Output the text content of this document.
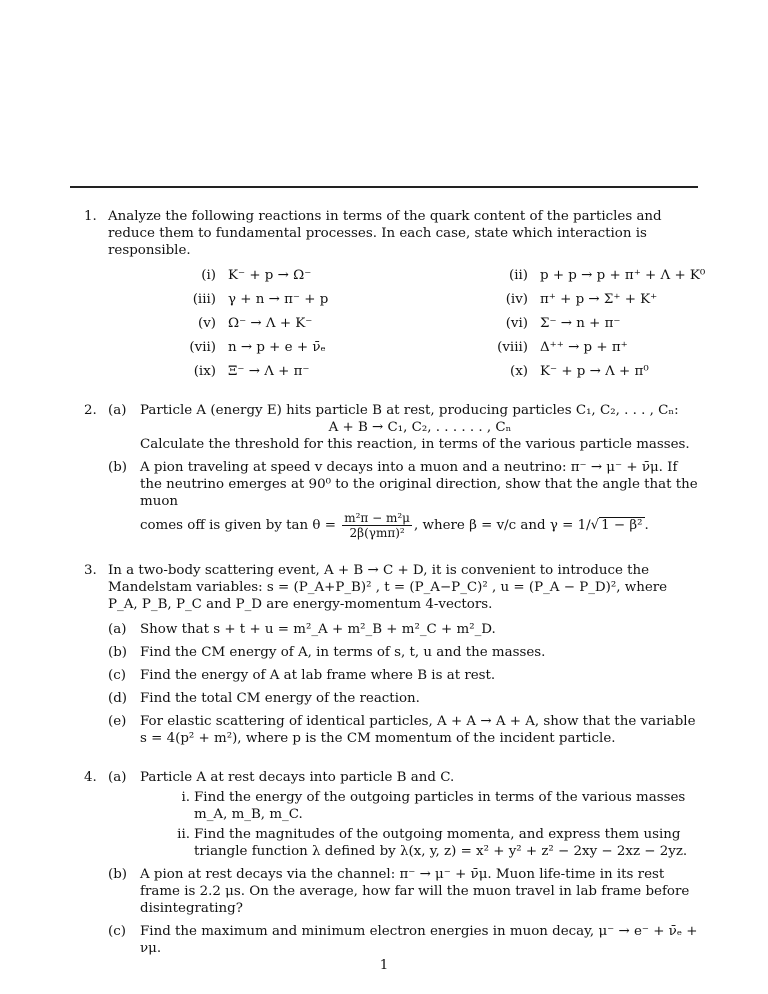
1. Analyze the following reactions in terms of the quark content of the particles and reduce them to fundamental processes. In each case, state which interaction is responsible.

(i) K⁻ + p → Ω⁻	(ii) p + p → p + π⁺ + Λ + K⁰
(iii) γ + n → π⁻ + p	(iv) π⁺ + p → Σ⁺ + K⁺
(v) Ω⁻ → Λ + K⁻	(vi) Σ⁻ → n + π⁻
(vii) n → p + e + ν̄ₑ	(viii) Δ⁺⁺ → p + π⁺
(ix) Ξ⁻ → Λ + π⁻	(x) K⁻ + p → Λ + π⁰
2. (a) Particle A (energy E) hits particle B at rest, producing particles C₁, C₂, . . . , Cₙ:

A + B → C₁, C₂, . . . . . . , Cₙ

Calculate the threshold for this reaction, in terms of the various particle masses.

(b) A pion traveling at speed v decays into a muon and a neutrino: π⁻ → μ⁻ + ν̄μ. If the neutrino emerges at 90⁰ to the original direction, show that the angle that the muon

comes off is given by $\tan \theta = \frac{\text{m²π − m²μ}}{\text{2β(γmπ)²}}$ , where β = v/c and γ = 1/√ 1 − β² .

3. In a two-body scattering event, A + B → C + D, it is convenient to introduce the Mandelstam variables: s = (P_A+P_B)² , t = (P_A−P_C)² , u = (P_A − P_D)², where P_A, P_B, P_C and P_D are energy-momentum 4-vectors.

(a) Show that s + t + u = m²_A + m²_B + m²_C + m²_D.

(b) Find the CM energy of A, in terms of s, t, u and the masses.

(c) Find the energy of A at lab frame where B is at rest.

(d) Find the total CM energy of the reaction.

(e) For elastic scattering of identical particles, A + A → A + A, show that the variable s = 4(p² + m²), where p is the CM momentum of the incident particle.

4. (a) Particle A at rest decays into particle B and C.

i. Find the energy of the outgoing particles in terms of the various masses m_A, m_B, m_C.

ii. Find the magnitudes of the outgoing momenta, and express them using triangle function λ defined by λ(x, y, z) = x² + y² + z² − 2xy − 2xz − 2yz.

(b) A pion at rest decays via the channel: π⁻ → μ⁻ + ν̄μ. Muon life-time in its rest frame is 2.2 μs. On the average, how far will the muon travel in lab frame before disintegrating?

(c) Find the maximum and minimum electron energies in muon decay, μ⁻ → e⁻ + ν̄ₑ + νμ.

1
